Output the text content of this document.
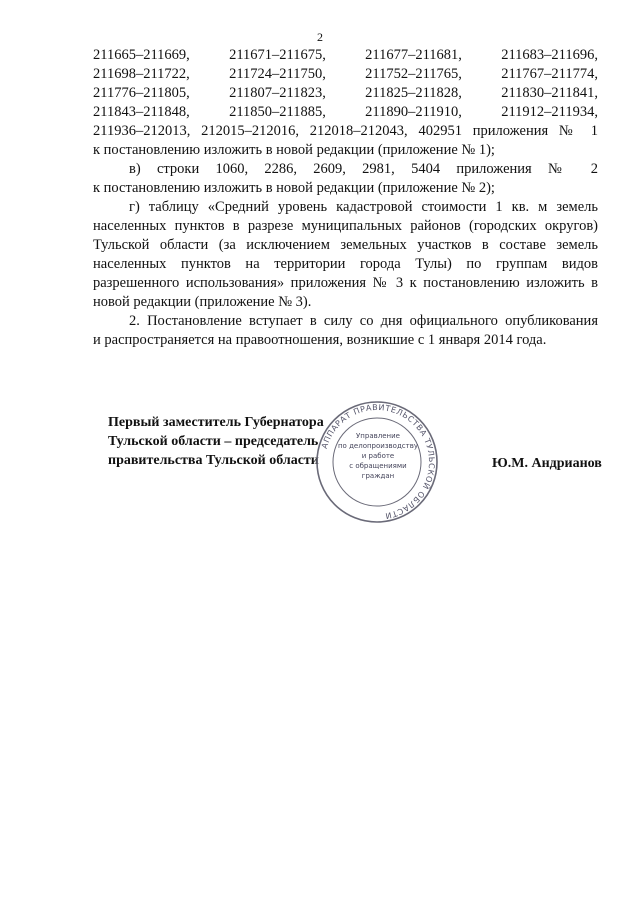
2
211665–211669,	211671–211675,	211677–211681,	211683–211696,
211698–211722,	211724–211750,	211752–211765,	211767–211774,
211776–211805,	211807–211823,	211825–211828,	211830–211841,
211843–211848,	211850–211885,	211890–211910,	211912–211934,
211936–212013, 212015–212016, 212018–212043, 402951 приложения № 1
к постановлению изложить в новой редакции (приложение № 1);
в) строки 1060, 2286, 2609, 2981, 5404 приложения № 2
к постановлению изложить в новой редакции (приложение № 2);
г) таблицу «Средний уровень кадастровой стоимости 1 кв. м земель
населенных пунктов в разрезе муниципальных районов (городских округов)
Тульской области (за исключением земельных участков в составе земель
населенных пунктов на территории города Тулы) по группам видов
разрешенного использования» приложения № 3 к постановлению изложить в
новой редакции (приложение № 3).
2. Постановление вступает в силу со дня официального опубликования
и распространяется на правоотношения, возникшие с 1 января 2014 года.
Первый заместитель Губернатора
Тульской области – председатель
правительства Тульской области
АППАРАТ ПРАВИТЕЛЬСТВА ТУЛЬСКОЙ ОБЛАСТИ
Управление
по делопроизводству
и работе
с обращениями
граждан
Ю.М. Андрианов
